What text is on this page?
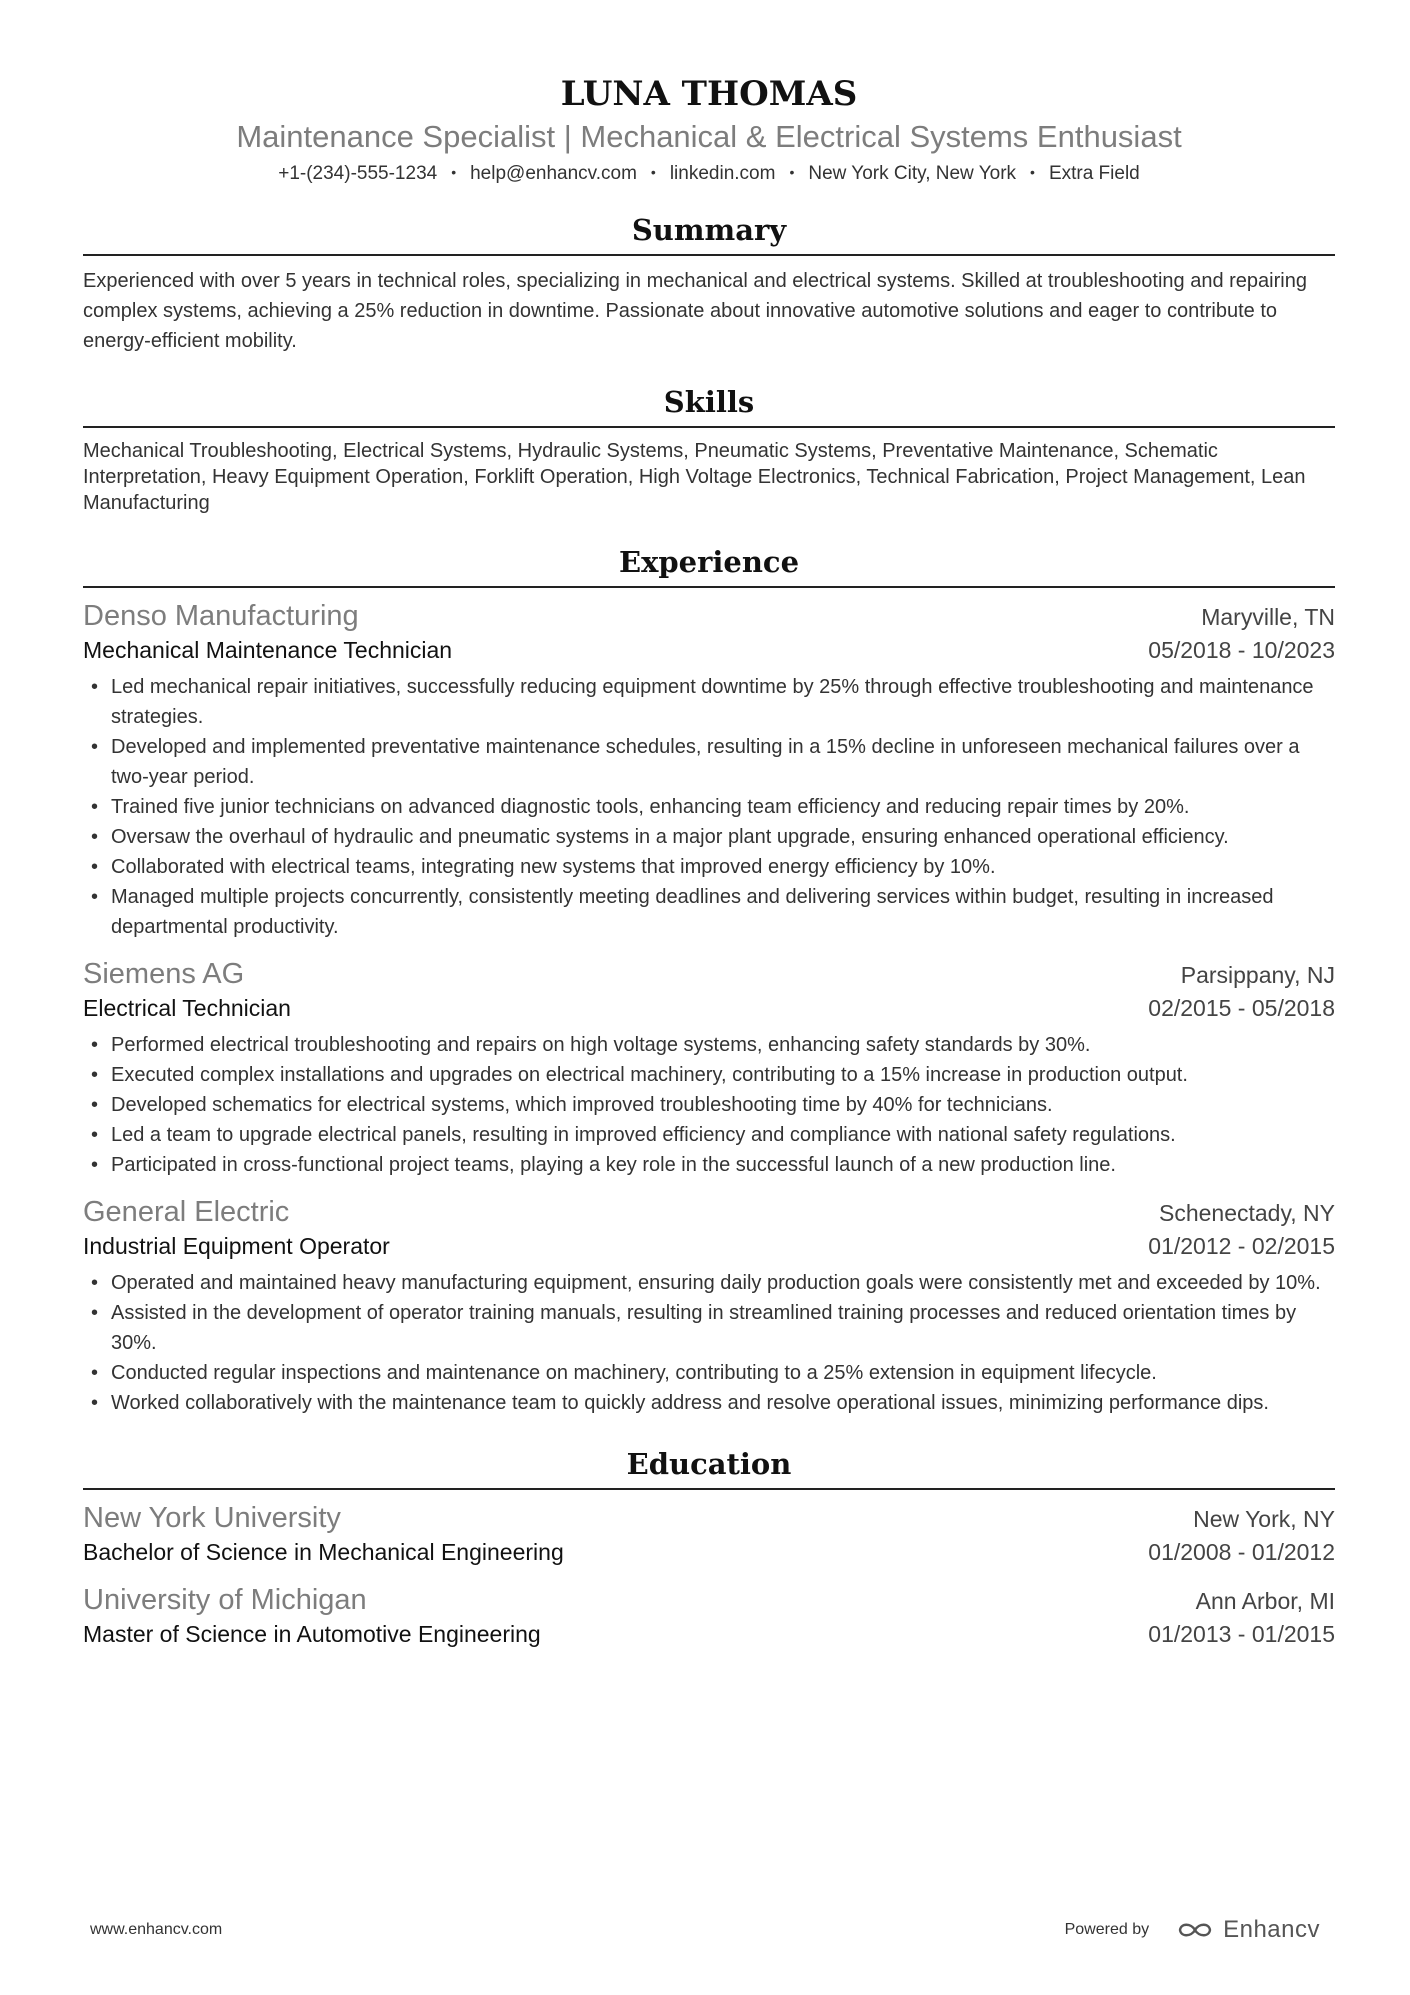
LUNA THOMAS

Maintenance Specialist | Mechanical & Electrical Systems Enthusiast

+1-(234)-555-1234 • help@enhancv.com • linkedin.com • New York City, New York • Extra Field

Summary

Experienced with over 5 years in technical roles, specializing in mechanical and electrical systems. Skilled at troubleshooting and repairing complex systems, achieving a 25% reduction in downtime. Passionate about innovative automotive solutions and eager to contribute to energy-efficient mobility.

Skills

Mechanical Troubleshooting, Electrical Systems, Hydraulic Systems, Pneumatic Systems, Preventative Maintenance, Schematic Interpretation, Heavy Equipment Operation, Forklift Operation, High Voltage Electronics, Technical Fabrication, Project Management, Lean Manufacturing

Experience
Denso Manufacturing	Maryville, TN
Mechanical Maintenance Technician	05/2018 - 10/2023
• Led mechanical repair initiatives, successfully reducing equipment downtime by 25% through effective troubleshooting and maintenance strategies.
• Developed and implemented preventative maintenance schedules, resulting in a 15% decline in unforeseen mechanical failures over a two-year period.
• Trained five junior technicians on advanced diagnostic tools, enhancing team efficiency and reducing repair times by 20%.
• Oversaw the overhaul of hydraulic and pneumatic systems in a major plant upgrade, ensuring enhanced operational efficiency.
• Collaborated with electrical teams, integrating new systems that improved energy efficiency by 10%.
• Managed multiple projects concurrently, consistently meeting deadlines and delivering services within budget, resulting in increased departmental productivity.
Siemens AG	Parsippany, NJ
Electrical Technician	02/2015 - 05/2018
• Performed electrical troubleshooting and repairs on high voltage systems, enhancing safety standards by 30%.
• Executed complex installations and upgrades on electrical machinery, contributing to a 15% increase in production output.
• Developed schematics for electrical systems, which improved troubleshooting time by 40% for technicians.
• Led a team to upgrade electrical panels, resulting in improved efficiency and compliance with national safety regulations.
• Participated in cross-functional project teams, playing a key role in the successful launch of a new production line.
General Electric	Schenectady, NY
Industrial Equipment Operator	01/2012 - 02/2015
• Operated and maintained heavy manufacturing equipment, ensuring daily production goals were consistently met and exceeded by 10%.
• Assisted in the development of operator training manuals, resulting in streamlined training processes and reduced orientation times by 30%.
• Conducted regular inspections and maintenance on machinery, contributing to a 25% extension in equipment lifecycle.
• Worked collaboratively with the maintenance team to quickly address and resolve operational issues, minimizing performance dips.
Education
New York University	New York, NY
Bachelor of Science in Mechanical Engineering	01/2008 - 01/2012
University of Michigan	Ann Arbor, MI
Master of Science in Automotive Engineering	01/2013 - 01/2015
www.enhancv.com	Powered by	Enhancv
